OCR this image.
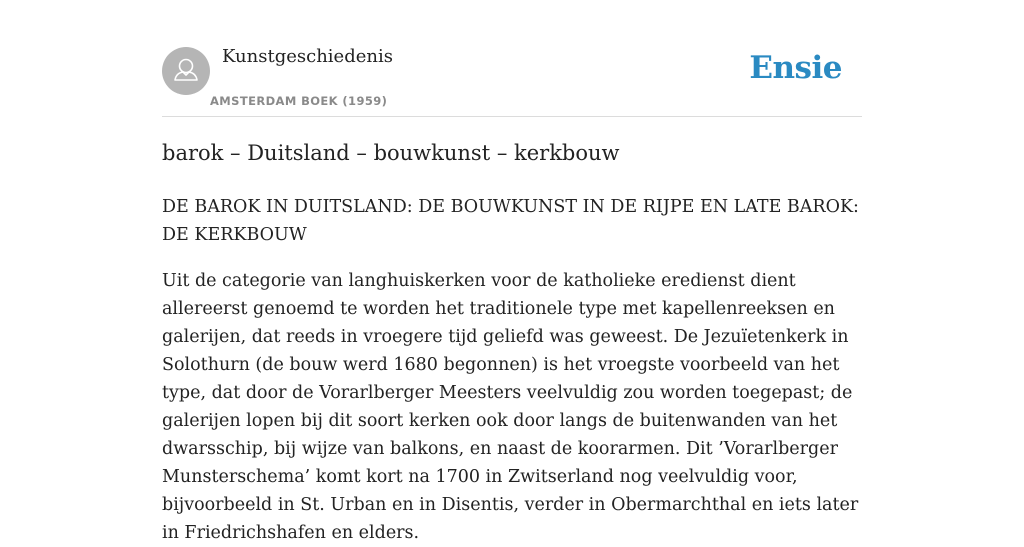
Kunstgeschiedenis
AMSTERDAM BOEK (1959)
Ensie
barok – Duitsland – bouwkunst – kerkbouw
DE BAROK IN DUITSLAND: DE BOUWKUNST IN DE RIJPE EN LATE BAROK: DE KERKBOUW
Uit de categorie van langhuiskerken voor de katholieke eredienst dient allereerst genoemd te worden het traditionele type met kapellenreeksen en galerijen, dat reeds in vroegere tijd geliefd was geweest. De Jezuïetenkerk in Solothurn (de bouw werd 1680 begonnen) is het vroegste voorbeeld van het type, dat door de Vorarlberger Meesters veelvuldig zou worden toegepast; de galerijen lopen bij dit soort kerken ook door langs de buitenwanden van het dwarsschip, bij wijze van balkons, en naast de koorarmen. Dit ’Vorarlberger Munsterschema’ komt kort na 1700 in Zwitserland nog veelvuldig voor, bijvoorbeeld in St. Urban en in Disentis, verder in Obermarchthal en iets later in Friedrichshafen en elders.
